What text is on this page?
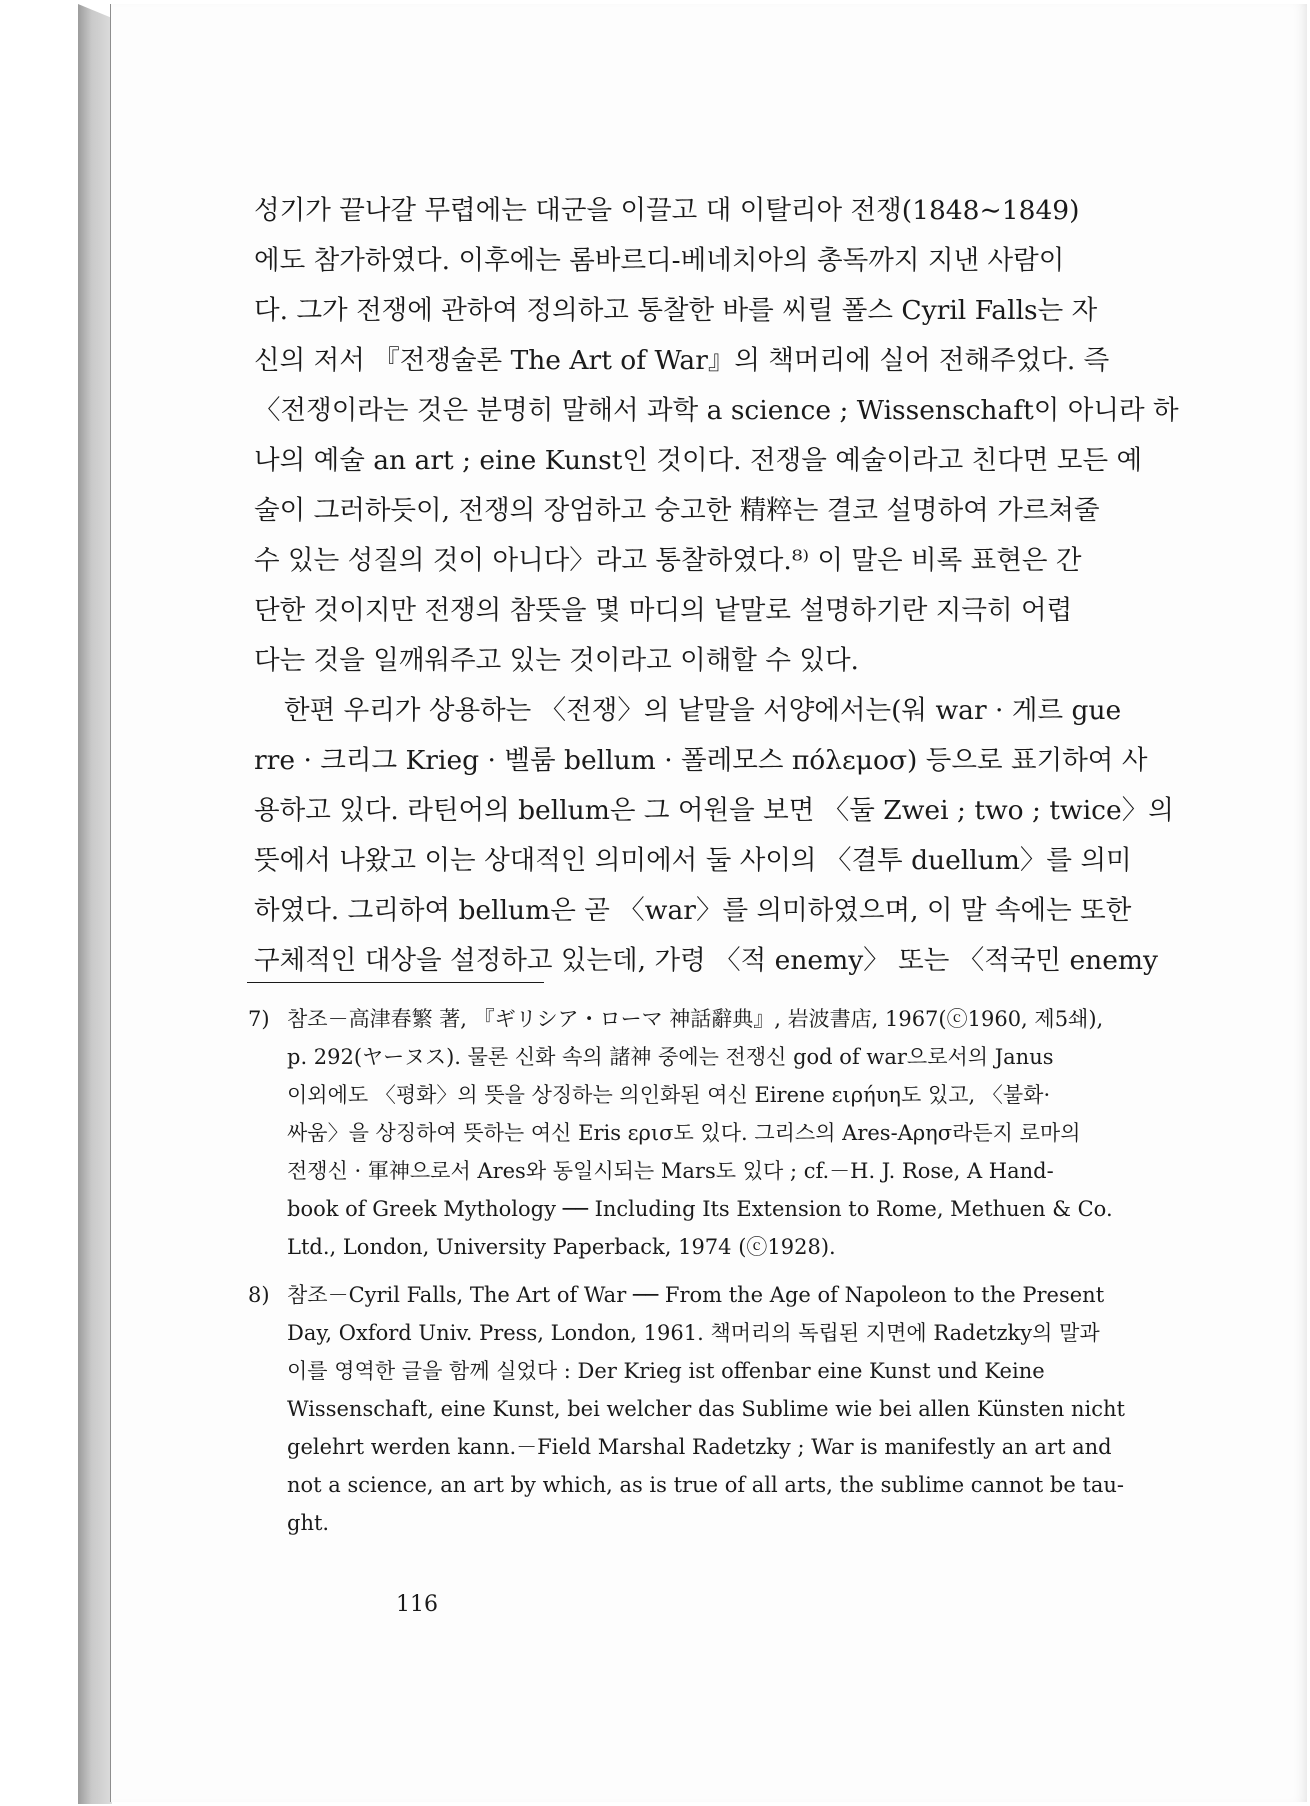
성기가 끝나갈 무렵에는 대군을 이끌고 대 이탈리아 전쟁(1848∼1849)

에도 참가하였다. 이후에는 롬바르디-베네치아의 총독까지 지낸 사람이

다. 그가 전쟁에 관하여 정의하고 통찰한 바를 씨릴 폴스 Cyril Falls는 자

신의 저서 『전쟁술론 The Art of War』의 책머리에 실어 전해주었다. 즉

〈전쟁이라는 것은 분명히 말해서 과학 a science ; Wissenschaft이 아니라 하

나의 예술 an art ; eine Kunst인 것이다. 전쟁을 예술이라고 친다면 모든 예

술이 그러하듯이, 전쟁의 장엄하고 숭고한 精粹는 결코 설명하여 가르쳐줄

수 있는 성질의 것이 아니다〉라고 통찰하였다.⁸⁾ 이 말은 비록 표현은 간

단한 것이지만 전쟁의 참뜻을 몇 마디의 낱말로 설명하기란 지극히 어렵

다는 것을 일깨워주고 있는 것이라고 이해할 수 있다.

한편 우리가 상용하는 〈전쟁〉의 낱말을 서양에서는(워 war · 게르 gue

rre · 크리그 Krieg · 벨룸 bellum · 폴레모스 πόλεμοσ) 등으로 표기하여 사

용하고 있다. 라틴어의 bellum은 그 어원을 보면 〈둘 Zwei ; two ; twice〉의

뜻에서 나왔고 이는 상대적인 의미에서 둘 사이의 〈결투 duellum〉를 의미

하였다. 그리하여 bellum은 곧 〈war〉를 의미하였으며, 이 말 속에는 또한

구체적인 대상을 설정하고 있는데, 가령 〈적 enemy〉 또는 〈적국민 enemy

7) 참조－高津春繁 著, 『ギリシア・ローマ 神話辭典』, 岩波書店, 1967(ⓒ1960, 제5쇄),

p. 292(ヤーヌス). 물론 신화 속의 諸神 중에는 전쟁신 god of war으로서의 Janus

이외에도 〈평화〉의 뜻을 상징하는 의인화된 여신 Eirene ειρήυη도 있고, 〈불화·

싸움〉을 상징하여 뜻하는 여신 Eris ερισ도 있다. 그리스의 Ares-Aρησ라든지 로마의

전쟁신 · 軍神으로서 Ares와 동일시되는 Mars도 있다 ; cf.－H. J. Rose, A Hand-

book of Greek Mythology ── Including Its Extension to Rome, Methuen & Co.

Ltd., London, University Paperback, 1974 (ⓒ1928).

8) 참조－Cyril Falls, The Art of War ── From the Age of Napoleon to the Present

Day, Oxford Univ. Press, London, 1961. 책머리의 독립된 지면에 Radetzky의 말과

이를 영역한 글을 함께 실었다 : Der Krieg ist offenbar eine Kunst und Keine

Wissenschaft, eine Kunst, bei welcher das Sublime wie bei allen Künsten nicht

gelehrt werden kann.－Field Marshal Radetzky ; War is manifestly an art and

not a science, an art by which, as is true of all arts, the sublime cannot be tau-

ght.

116
